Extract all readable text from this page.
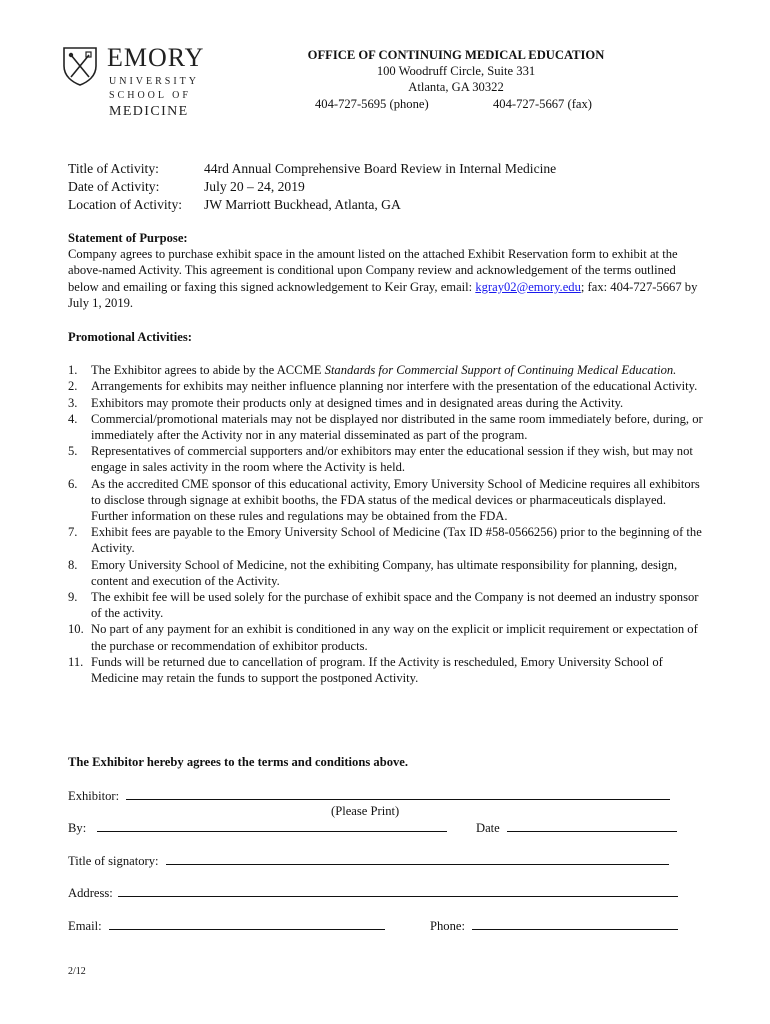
EMORY
UNIVERSITY
SCHOOL OF
MEDICINE
OFFICE OF CONTINUING MEDICAL EDUCATION
100 Woodruff Circle, Suite 331
Atlanta, GA 30322
404-727-5695 (phone)	404-727-5667 (fax)
Title of Activity:	44rd Annual Comprehensive Board Review in Internal Medicine
Date of Activity:	July 20 – 24, 2019
Location of Activity: JW Marriott Buckhead, Atlanta, GA
Statement of Purpose:
Company agrees to purchase exhibit space in the amount listed on the attached Exhibit Reservation form to exhibit at the above-named Activity. This agreement is conditional upon Company review and acknowledgement of the terms outlined below and emailing or faxing this signed acknowledgement to Keir Gray, email: kgray02@emory.edu; fax: 404-727-5667 by July 1, 2019.
Promotional Activities:
1. The Exhibitor agrees to abide by the ACCME Standards for Commercial Support of Continuing Medical Education.
2. Arrangements for exhibits may neither influence planning nor interfere with the presentation of the educational Activity.
3. Exhibitors may promote their products only at designed times and in designated areas during the Activity.
4. Commercial/promotional materials may not be displayed nor distributed in the same room immediately before, during, or immediately after the Activity nor in any material disseminated as part of the program.
5. Representatives of commercial supporters and/or exhibitors may enter the educational session if they wish, but may not engage in sales activity in the room where the Activity is held.
6. As the accredited CME sponsor of this educational activity, Emory University School of Medicine requires all exhibitors to disclose through signage at exhibit booths, the FDA status of the medical devices or pharmaceuticals displayed. Further information on these rules and regulations may be obtained from the FDA.
7. Exhibit fees are payable to the Emory University School of Medicine (Tax ID #58-0566256) prior to the beginning of the Activity.
8. Emory University School of Medicine, not the exhibiting Company, has ultimate responsibility for planning, design, content and execution of the Activity.
9. The exhibit fee will be used solely for the purchase of exhibit space and the Company is not deemed an industry sponsor of the activity.
10. No part of any payment for an exhibit is conditioned in any way on the explicit or implicit requirement or expectation of the purchase or recommendation of exhibitor products.
11. Funds will be returned due to cancellation of program. If the Activity is rescheduled, Emory University School of Medicine may retain the funds to support the postponed Activity.
The Exhibitor hereby agrees to the terms and conditions above.
Exhibitor:
(Please Print)
By:	Date
Title of signatory:
Address:
Email:	Phone:
2/12
